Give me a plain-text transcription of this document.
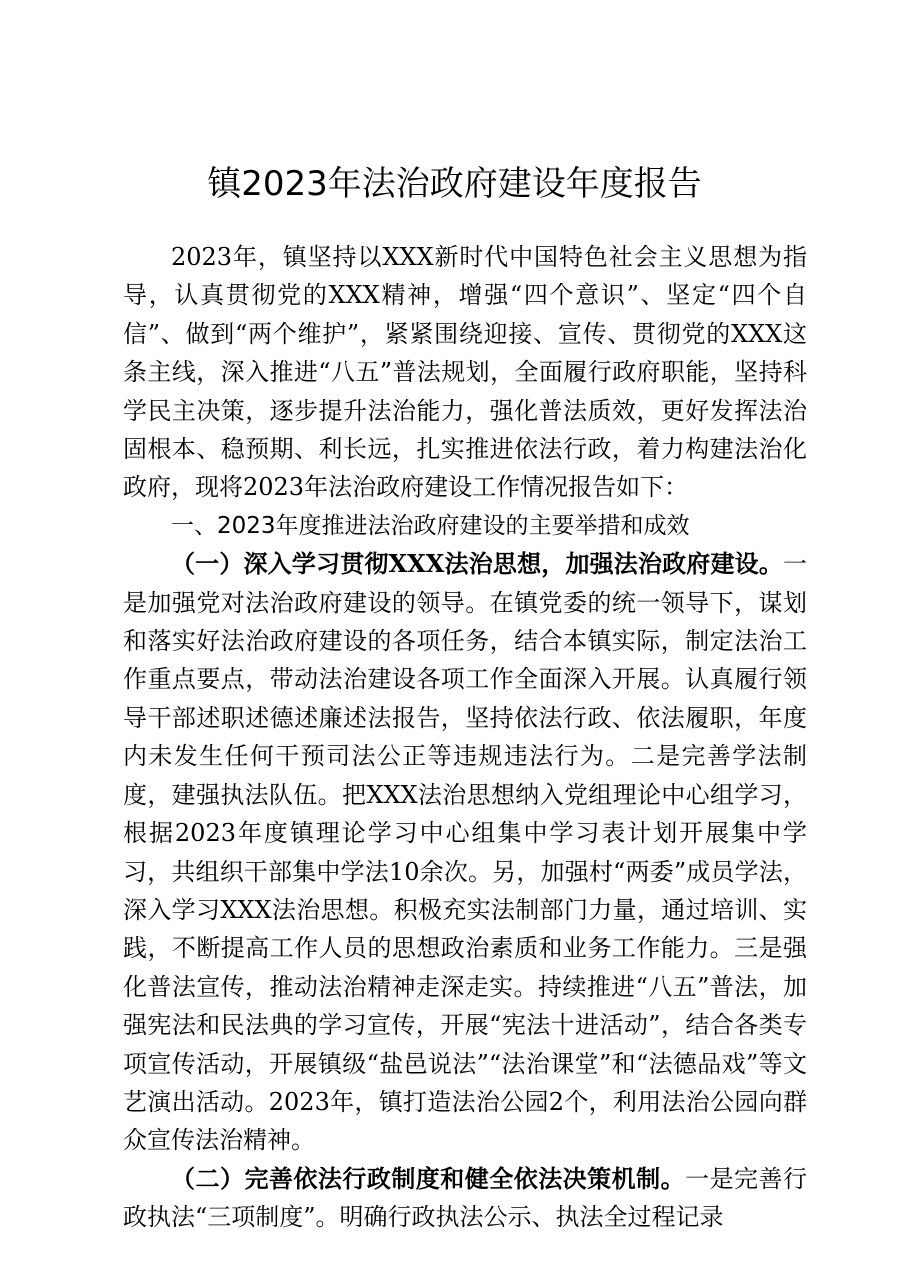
镇2023年法治政府建设年度报告

2023年，镇坚持以XXX新时代中国特色社会主义思想为指导，认真贯彻党的XXX精神，增强“四个意识”、坚定“四个自信”、做到“两个维护”，紧紧围绕迎接、宣传、贯彻党的XXX这条主线，深入推进“八五”普法规划，全面履行政府职能，坚持科学民主决策，逐步提升法治能力，强化普法质效，更好发挥法治固根本、稳预期、利长远，扎实推进依法行政，着力构建法治化政府，现将2023年法治政府建设工作情况报告如下：

一、2023年度推进法治政府建设的主要举措和成效

（一）深入学习贯彻XXX法治思想，加强法治政府建设。一是加强党对法治政府建设的领导。在镇党委的统一领导下，谋划和落实好法治政府建设的各项任务，结合本镇实际，制定法治工作重点要点，带动法治建设各项工作全面深入开展。认真履行领导干部述职述德述廉述法报告，坚持依法行政、依法履职，年度内未发生任何干预司法公正等违规违法行为。二是完善学法制度，建强执法队伍。把XXX法治思想纳入党组理论中心组学习，根据2023年度镇理论学习中心组集中学习表计划开展集中学习，共组织干部集中学法10余次。另，加强村“两委”成员学法，深入学习XXX法治思想。积极充实法制部门力量，通过培训、实践，不断提高工作人员的思想政治素质和业务工作能力。三是强化普法宣传，推动法治精神走深走实。持续推进“八五”普法，加强宪法和民法典的学习宣传，开展“宪法十进活动”，结合各类专项宣传活动，开展镇级“盐邑说法”“法治课堂”和“法德品戏”等文艺演出活动。2023年，镇打造法治公园2个，利用法治公园向群众宣传法治精神。

（二）完善依法行政制度和健全依法决策机制。一是完善行政执法“三项制度”。明确行政执法公示、执法全过程记录
